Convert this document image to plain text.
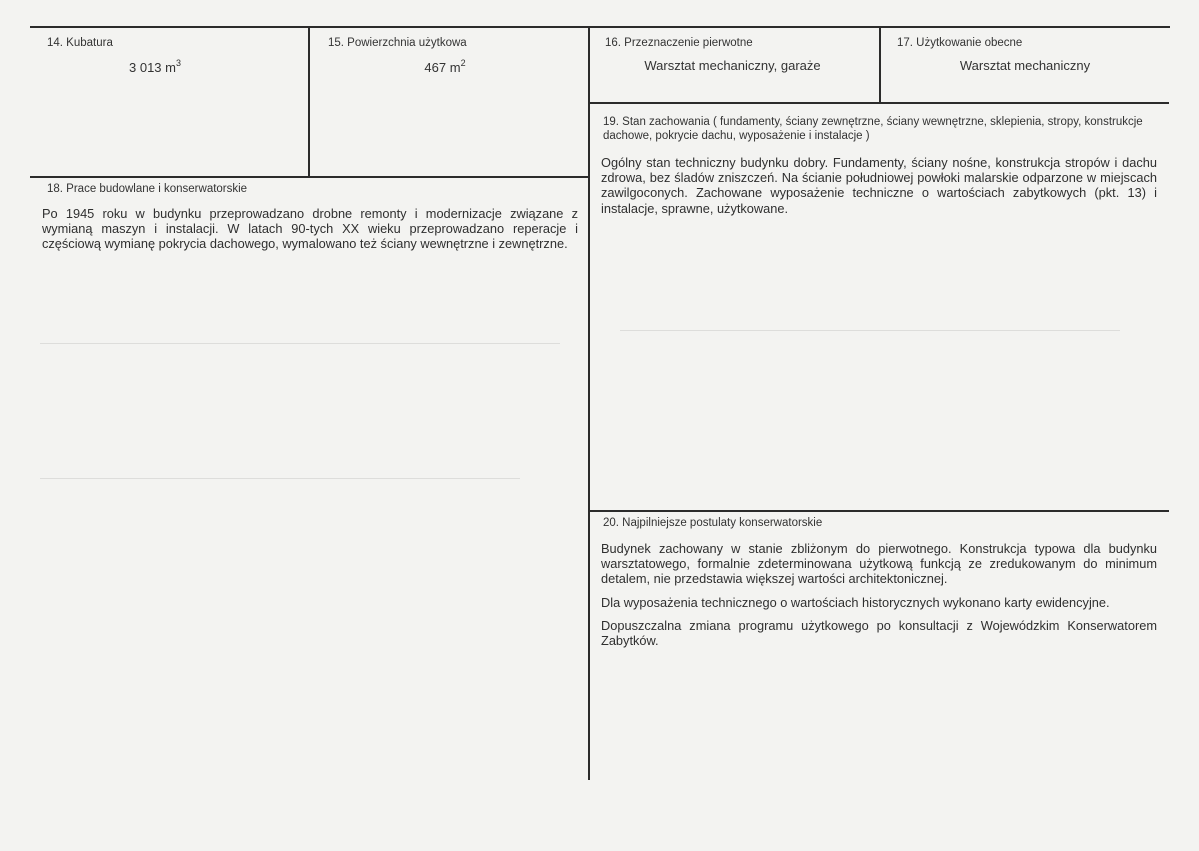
14. Kubatura
3 013 $m^3$
15. Powierzchnia użytkowa
467 $m^2$
16. Przeznaczenie pierwotne
Warsztat mechaniczny, garaże
17. Użytkowanie obecne
Warsztat mechaniczny
18. Prace budowlane i konserwatorskie
Po 1945 roku w budynku przeprowadzano drobne remonty i modernizacje związane z wymianą maszyn i instalacji. W latach 90-tych XX wieku przeprowadzano reperacje i częściową wymianę pokrycia dachowego, wymalowano też ściany wewnętrzne i zewnętrzne.
19. Stan zachowania ( fundamenty, ściany zewnętrzne, ściany wewnętrzne, sklepienia, stropy, konstrukcje dachowe, pokrycie dachu, wyposażenie i instalacje )
Ogólny stan techniczny budynku dobry. Fundamenty, ściany nośne, konstrukcja stropów i dachu zdrowa, bez śladów zniszczeń. Na ścianie południowej powłoki malarskie odparzone w miejscach zawilgoconych. Zachowane wyposażenie techniczne o wartościach zabytkowych (pkt. 13) i instalacje, sprawne, użytkowane.
20. Najpilniejsze postulaty konserwatorskie

Budynek zachowany w stanie zbliżonym do pierwotnego. Konstrukcja typowa dla budynku warsztatowego, formalnie zdeterminowana użytkową funkcją ze zredukowanym do minimum detalem, nie przedstawia większej wartości architektonicznej.

Dla wyposażenia technicznego o wartościach historycznych wykonano karty ewidencyjne.

Dopuszczalna zmiana programu użytkowego po konsultacji z Wojewódzkim Konserwatorem Zabytków.
